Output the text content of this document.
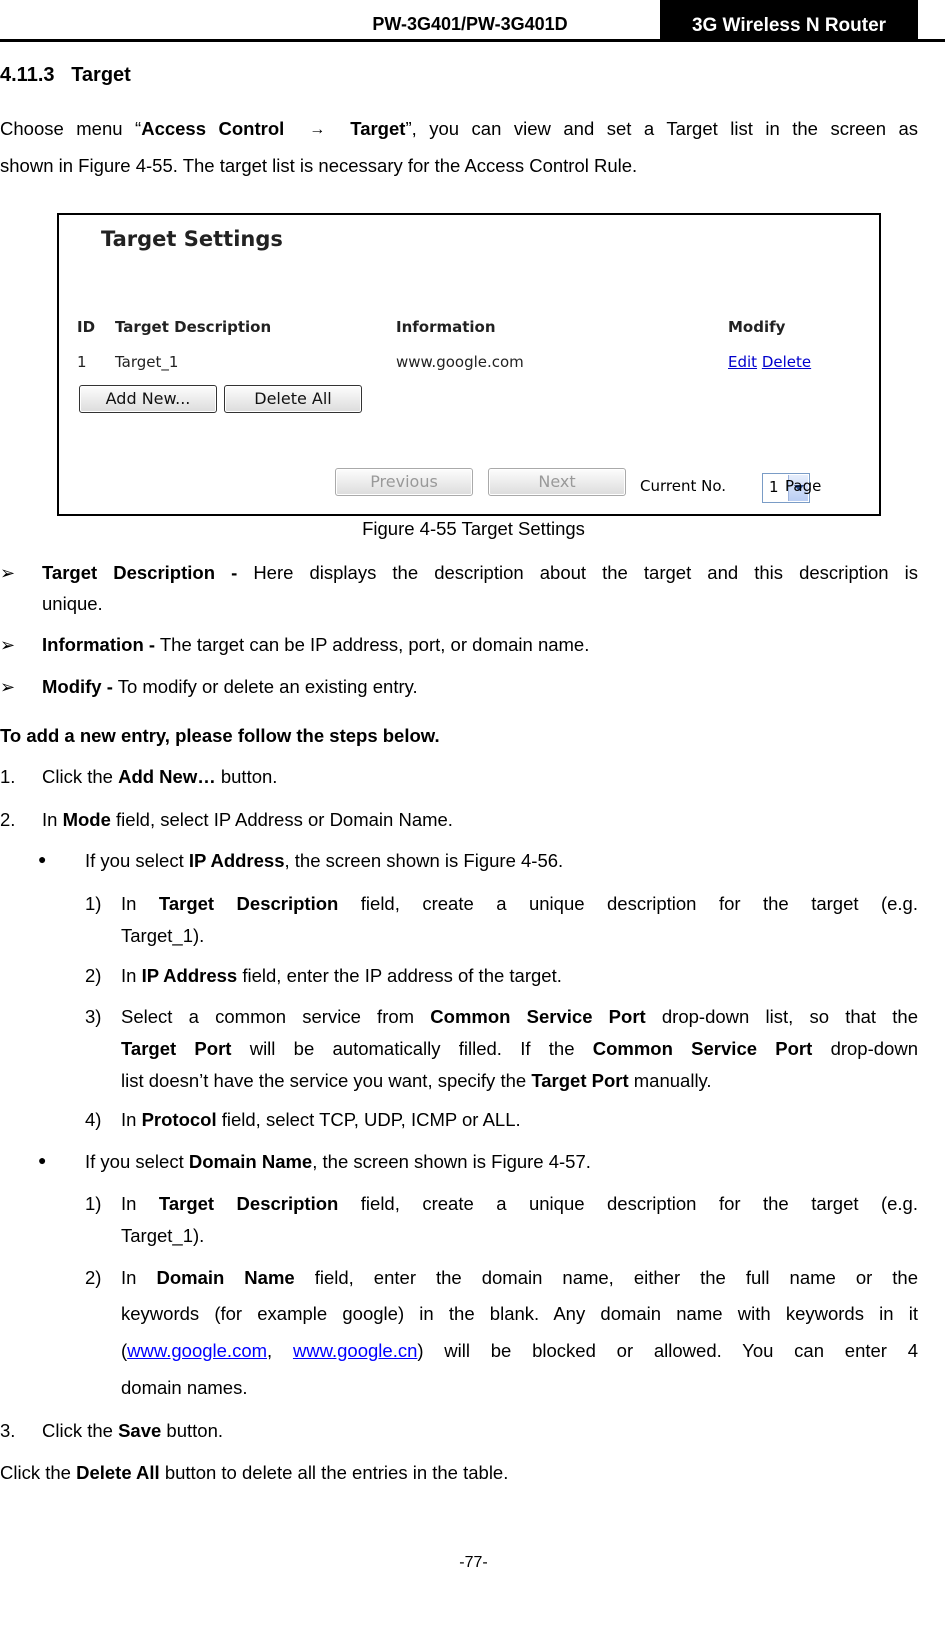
PW-3G401/PW-3G401D	3G Wireless N Router
4.11.3 Target
Choose menu “Access Control → Target”, you can view and set a Target list in the screen as
shown in Figure 4-55. The target list is necessary for the Access Control Rule.
Target Settings
ID Target Description	Information	Modify
1 Target_1	www.google.com	Edit Delete
Add New...	Delete All
Previous	Next	Current No.	1 Page
Figure 4-55 Target Settings
➢ Target Description - Here displays the description about the target and this description is
unique.
➢ Information - The target can be IP address, port, or domain name.
➢ Modify - To modify or delete an existing entry.
To add a new entry, please follow the steps below.
1. Click the Add New… button.
2. In Mode field, select IP Address or Domain Name.
● If you select IP Address, the screen shown is Figure 4-56.
1) In Target Description field, create a unique description for the target (e.g.
Target_1).
2) In IP Address field, enter the IP address of the target.
3) Select a common service from Common Service Port drop-down list, so that the
Target Port will be automatically filled. If the Common Service Port drop-down
list doesn’t have the service you want, specify the Target Port manually.
4) In Protocol field, select TCP, UDP, ICMP or ALL.
● If you select Domain Name, the screen shown is Figure 4-57.
1) In Target Description field, create a unique description for the target (e.g.
Target_1).
2) In Domain Name field, enter the domain name, either the full name or the
keywords (for example google) in the blank. Any domain name with keywords in it
(www.google.com, www.google.cn) will be blocked or allowed. You can enter 4
domain names.
3. Click the Save button.
Click the Delete All button to delete all the entries in the table.
-77-
